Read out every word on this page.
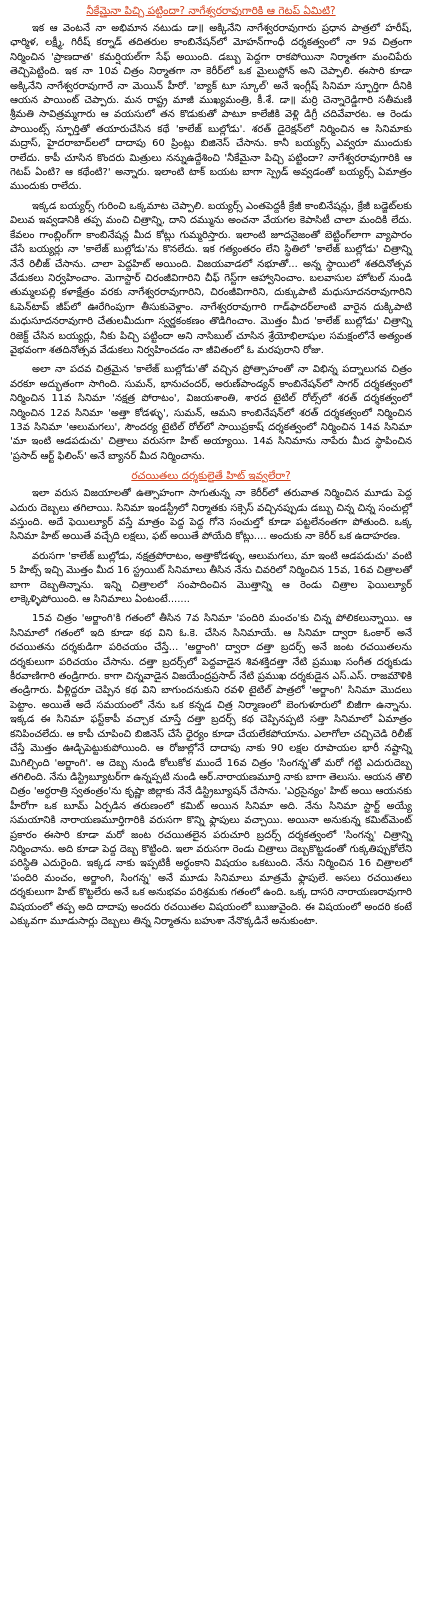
నీకేమైనా పిచ్చి పట్టిందా? నాగేశ్వరరావుగారికి ఆ గెటప్ ఏమిటి?

ఇక ఆ వెంటనే నా అభిమాన నటుడు డా॥ అక్కినేని నాగేశ్వరరావుగారు ప్రధాన పాత్రలో హరీష్, ఛార్మిళ, లక్ష్మీ, గిరీష్ కర్నాడ్ తదితరుల కాంబినేషన్‌లో మోహన్‌గాంధీ దర్శకత్వంలో నా 9వ చిత్రంగా నిర్మించిన 'ప్రాణదాత' కమర్షియల్‌గా సేఫ్ అయింది. డబ్బు పెద్దగా రాకపోయినా నిర్మాతగా మంచిపేరు తెచ్చిపెట్టింది. ఇక నా 10వ చిత్రం నిర్మాతగా నా కెరీర్‌లో ఒక మైలుస్టోన్ అని చెప్పాలి. ఈసారి కూడా అక్కినేని నాగేశ్వరరావుగారే నా మెయిన్ హీరో. 'బ్యాక్ టూ స్కూల్' అనే ఇంగ్లీష్ సినిమా స్ఫూర్తిగా దీనికి ఆయన పాయింట్ చెప్పారు. మన రాష్ట్ర మాజీ ముఖ్యమంత్రి, కీ.శే. డా॥ మర్రి చెన్నారెడ్డిగారి సతీమణి శ్రీమతి సావిత్రమ్మగారు ఆ వయసులో తన కొడుకుతో పాటూ కాలేజీకి వెళ్లి డిగ్రీ చదివేవారట. ఆ రెండు పాయింట్స్ స్ఫూర్తితో తయారుచేసిన కథే 'కాలేజ్ బుల్లోడు'. శరత్ డైరెక్షన్‌లో నిర్మించిన ఆ సినిమాకు మద్రాస్, హైదరాబాద్‌లలో దాదాపు 60 ప్రింట్లు బిజినెస్ చేసాను. కానీ బయ్యర్స్ ఎవ్వరూ ముందుకు రాలేదు. కాపీ చూసిన కొందరు మిత్రులు నన్నుఉద్దేశించి 'నీకేమైనా పిచ్చి పట్టిందా? నాగేశ్వరరావుగారికి ఆ గెటప్ ఏంటి? ఆ కథేంటి?' అన్నారు. ఇలాంటి టాక్ బయట బాగా స్ప్రెడ్ అవ్వడంతో బయ్యర్స్ ఏమాత్రం ముందుకు రాలేదు.

ఇక్కడ బయ్యర్స్ గురించి ఒక్కమాట చెప్పాలి. బయ్యర్స్ ఎంతపెద్దకీ క్రేజీ కాంబినేషన్లు, క్రేజీ బడ్జెట్‌లకు విలువ ఇవ్వడానికి తప్ప మంచి చిత్రాన్ని, దాని దమ్మును అంచనా వేయగల కెపాసిటీ చాలా మందికి లేదు. కేవలం గాంబ్లింగ్‌గా కాంబినేషన్ల మీద కోట్లు గుమ్మరిస్తారు. ఇలాంటి జూదనైజంతో బెట్టింగ్‌లాగా వ్యాపారం చేసే బయ్యర్లు నా 'కాలేజ్ బుల్లోడు'ను కొనలేదు. ఇక గత్యంతరం లేని స్థితిలో 'కాలేజ్ బుల్లోడు' చిత్రాన్ని నేనే రిలీజ్ చేసాను. చాలా పెద్దహిట్ అయింది. విజయవాడలో నభూతో... అన్న స్థాయిలో శతదినోత్సవ వేడుకలు నిర్వహించాం. మెగాస్టార్ చిరంజీవిగారిని చీఫ్ గెస్ట్‌గా ఆహ్వానించాం. బలవాసుల హోటల్ నుండి తుమ్మలపల్లి కళాక్షేత్రం వరకు నాగేశ్వరరావుగారిని, చిరంజీవిగారిని, దుక్కుపాటి మధుసూదనరావుగారిని ఓపెన్‌టాప్ జీప్‌లో ఊరేగింపుగా తీసుకువెళ్లాం. నాగేశ్వరరావుగారి గాడ్‌ఫాదర్‌లాంటి వారైన దుక్కిపాటి మధుసూదనరావుగారి చేతులమీదుగా స్వర్ణకంకణం తొడిగించాం. మొత్తం మీద 'కాలేజ్ బుల్లోడు' చిత్రాన్ని రిజెక్ట్ చేసిన బయ్యర్లు, నీకు పిచ్చి పట్టిందా అని నాసిబుల్ చూసిన శ్రేయోభిలాషుల సమక్షంలోనే అత్యంత వైభవంగా శతదినోత్సవ వేడుకలు నిర్వహించడం నా జీవితంలో ఓ మరపురాని రోజు.

అలా నా పదవ చిత్రమైన 'కాలేజ్ బుల్లోడు'తో వచ్చిన ప్రోత్సాహంతో నా విభిన్న పద్నాలుగవ చిత్రం వరకూ అద్భుతంగా సాగింది. సుమన్, భానుచందర్, అరుణ్‌పాండ్యన్ కాంబినేషన్‌లో సాగర్ దర్శకత్వంలో నిర్మించిన 11వ సినిమా 'నక్షత్ర పోరాటం', విజయశాంతి, శారద టైటిల్ రోల్స్‌లో శరత్ దర్శకత్వంలో నిర్మించిన 12వ సినిమా 'అత్తా కోడళ్ళు', సుమన్, ఆమని కాంబినేషన్‌లో శరత్ దర్శకత్వంలో నిర్మించిన 13వ సినిమా 'ఆలుమగలు', సౌందర్య టైటిల్ రోల్‌లో సాయిప్రకాష్ దర్శకత్వంలో నిర్మించిన 14వ సినిమా 'మా ఇంటి ఆడపడుచు' చిత్రాలు వరుసగా హిట్ అయ్యాయి. 14వ సినిమాను నాపేరు మీద స్థాపించిన 'ప్రసాద్ ఆర్ట్ ఫిలింస్' అనే బ్యానర్ మీద నిర్మించాను.

రచయితలు దర్శకులైతే హిట్ ఇవ్వలేరా?

ఇలా వరుస విజయాలతో ఉత్సాహంగా సాగుతున్న నా కెరీర్‌లో తరువాత నిర్మించిన మూడు పెద్ద ఎదురు దెబ్బలు తగిలాయి. సినిమా ఇండస్ట్రీలో నిర్మాతకు సక్సెస్ వచ్చినప్పుడు డబ్బు చిన్న చిన్న సంచుల్లో వస్తుంది. అదే ఫెయిల్యూర్ వస్తే మాత్రం పెద్ద పెద్ద గోనె సంచుల్తో కూడా పట్టలేనంతగా పోతుంది. ఒక్క సినిమా హిట్ అయితే వచ్చేది లక్షలు, ఫట్ అయితే పోయేది కోట్లు.... అందుకు నా కెరీర్ ఒక ఉదాహరణ.

వరుసగా 'కాలేజ్ బుల్లోడు, నక్షత్రపోరాటం, అత్తాకోడళ్ళు, ఆలుమగలు, మా ఇంటి ఆడపడుచు' వంటి 5 హిట్స్ ఇచ్చి మొత్తం మీద 16 స్ట్రయిట్ సినిమాలు తీసిన నేను చివరిలో నిర్మించిన 15వ, 16వ చిత్రాలతో బాగా దెబ్బతిన్నాను. ఇన్ని చిత్రాలలో సంపాదించిన మొత్తాన్ని ఆ రెండు చిత్రాల ఫెయిల్యూర్ లాక్కెళ్ళిపోయింది. ఆ సినిమాలు ఏంటంటే.......

15వ చిత్రం 'అర్జాంగి'కి గతంలో తీసిన 7వ సినిమా 'పందిరి మంచం'కు చిన్న పోలికలున్నాయి. ఆ సినిమాలో గతంలో ఇది కూడా కథ విని ఓ.కె. చేసిన సినిమాయే. ఆ సినిమా ద్వారా ఓంకార్ అనే రచయితను దర్శకుడిగా పరిచయం చేస్తే... 'అర్జాంగి' ద్వారా దత్తా బ్రదర్స్ అనే జంట రచయితలను దర్శకులుగా పరిచయం చేసాను. దత్తా బ్రదర్స్‌లో పెద్దవాడైన శివశక్తిదత్తా నేటి ప్రముఖ సంగీత దర్శకుడు కీరవాణిగారి తండ్రిగారు. కాగా చిన్నవాడైన విజయేంద్రప్రసాద్ నేటి ప్రముఖ దర్శకుడైన ఎస్.ఎస్. రాజమౌళికి తండ్రిగారు. వీళ్లిద్దరూ చెప్పిన కథ విని బాగుందనుకుని రవళి టైటిల్ పాత్రలో 'అర్జాంగి' సినిమా మొదలు పెట్టాం. అయితే అదే సమయంలో నేను ఒక కన్నడ చిత్ర నిర్మాణంలో బెంగుళూరులో బిజీగా ఉన్నాను. ఇక్కడ ఈ సినిమా ఫస్ట్‌కాపీ వచ్చాక చూస్తే దత్తా బ్రదర్స్ కథ చెప్పినప్పటి సత్తా సినిమాలో ఏమాత్రం కనిపించలేదు. ఆ కాపీ చూపించి బిజినెస్ చేసే ధైర్యం కూడా చేయలేకపోయాను. ఎలాగోలా చచ్చిచెడి రిలీజ్ చేస్తే మొత్తం ఊడ్చిపెట్టుకుపోయింది. ఆ రోజుల్లోనే దాదాపు నాకు 90 లక్షల రూపాయల భారీ నష్టాన్ని మిగిల్చింది 'అర్జాంగి'. ఆ దెబ్బ నుండి కోలుకోక ముందే 16వ చిత్రం 'సింగన్న'తో మరో గట్టి ఎదురుదెబ్బ తగిలింది. నేను డిస్ట్రిబ్యూటర్‌గా ఉన్నప్పటి నుండి ఆర్.నారాయణమూర్తి నాకు బాగా తెలుసు. ఆయన తొలి చిత్రం 'అర్ధరాత్రి స్వతంత్రం'ను కృష్ణా జిల్లాకు నేనే డిస్ట్రిబ్యూషన్ చేసాను. 'ఎర్రసైన్యం' హిట్ అయి ఆయనకు హీరోగా ఒక బూమ్ ఏర్పడిన తరుణంలో కమిట్ అయిన సినిమా అది. నేను సినిమా స్టార్ట్ అయ్యే సమయానికి నారాయణమూర్తిగారికి వరుసగా కొన్ని ఫ్లాపులు వచ్చాయి. అయినా అనుకున్న కమిట్‌మెంట్ ప్రకారం ఈసారి కూడా మరో జంట రచయితలైన పరుచూరి బ్రదర్స్ దర్శకత్వంలో 'సింగన్న' చిత్రాన్ని నిర్మించాను. అది కూడా పెద్ద దెబ్బ కొట్టింది. ఇలా వరుసగా రెండు చిత్రాలు దెబ్బకొట్టడంతో గుక్కతిప్పుకోలేని పరిస్థితి ఎదురైంది. ఇక్కడ నాకు ఇప్పటికీ అర్థంకాని విషయం ఒకటుంది. నేను నిర్మించిన 16 చిత్రాలలో 'పందిరి మంచం, అర్జాంగి, సింగన్న' అనే మూడు సినిమాలు మాత్రమే ఫ్లాపులే. అసలు రచయితలు దర్శకులుగా హిట్ కొట్టలేరు అనే ఒక అనుభవం పరిశ్రమకు గతంలో ఉంది. ఒక్క దాసరి నారాయణరావుగారి విషయంలో తప్ప అది దాదాపు అందరు రచయితల విషయంలో ఋజువైంది. ఈ విషయంలో అందరి కంటే ఎక్కువగా మూడుసార్లు దెబ్బలు తిన్న నిర్మాతను బహుశా నేనొక్కడినే అనుకుంటా.
